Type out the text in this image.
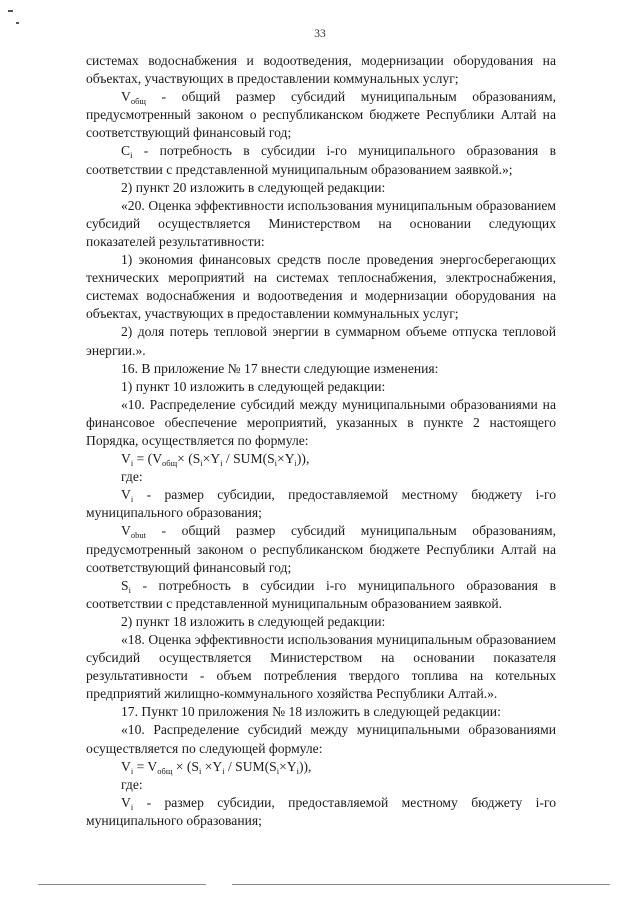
33

системах водоснабжения и водоотведения, модернизации оборудования на объектах, участвующих в предоставлении коммунальных услуг;

$V_{общ}$ - общий размер субсидий муниципальным образованиям, предусмотренный законом о республиканском бюджете Республики Алтай на соответствующий финансовый год;

$C_i$ - потребность в субсидии i-го муниципального образования в соответствии с представленной муниципальным образованием заявкой.»;

2) пункт 20 изложить в следующей редакции:

«20. Оценка эффективности использования муниципальным образованием субсидий осуществляется Министерством на основании следующих показателей результативности:

1) экономия финансовых средств после проведения энергосберегающих технических мероприятий на системах теплоснабжения, электроснабжения, системах водоснабжения и водоотведения и модернизации оборудования на объектах, участвующих в предоставлении коммунальных услуг;

2) доля потерь тепловой энергии в суммарном объеме отпуска тепловой энергии.».

16. В приложение № 17 внести следующие изменения:

1) пункт 10 изложить в следующей редакции:

«10. Распределение субсидий между муниципальными образованиями на финансовое обеспечение мероприятий, указанных в пункте 2 настоящего Порядка, осуществляется по формуле:

$V_i = (V_{общ}\times (S_i\times Y_i / SUM(S_i\times Y_i))$,

где:

$V_i$ - размер субсидии, предоставляемой местному бюджету i-го муниципального образования;

$V_{obut}$ - общий размер субсидий муниципальным образованиям, предусмотренный законом о республиканском бюджете Республики Алтай на соответствующий финансовый год;

$S_i$ - потребность в субсидии i-го муниципального образования в соответствии с представленной муниципальным образованием заявкой.

2) пункт 18 изложить в следующей редакции:

«18. Оценка эффективности использования муниципальным образованием субсидий осуществляется Министерством на основании показателя результативности - объем потребления твердого топлива на котельных предприятий жилищно-коммунального хозяйства Республики Алтай.».

17. Пункт 10 приложения № 18 изложить в следующей редакции:

«10. Распределение субсидий между муниципальными образованиями осуществляется по следующей формуле:

$V_i = V_{общ} \times (S_i \times Y_i / SUM(S_i\times Y_i))$,

где:

$V_i$ - размер субсидии, предоставляемой местному бюджету i-го муниципального образования;
